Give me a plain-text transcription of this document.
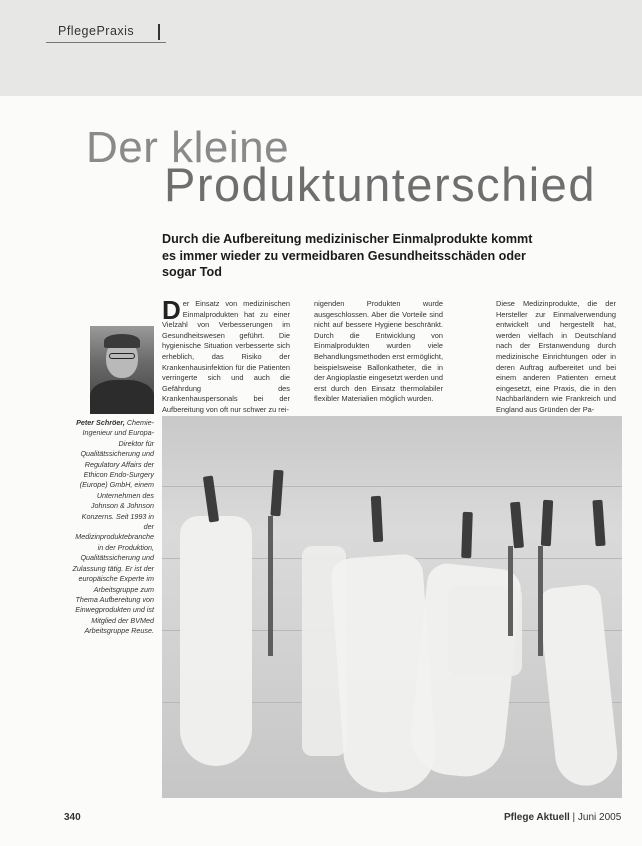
PflegePraxis
Der kleine
Produktunterschied
Durch die Aufbereitung medizinischer Einmalprodukte kommt es immer wieder zu vermeidbaren Gesundheitsschäden oder sogar Tod
Der Einsatz von medizinischen Einmalprodukten hat zu einer Vielzahl von Verbesserungen im Gesundheitswesen geführt. Die hygienische Situation verbesserte sich erheblich, das Risiko der Krankenhausinfektion für die Patienten verringerte sich und auch die Gefährdung des Krankenhauspersonals bei der Aufbereitung von oft nur schwer zu rei-
nigenden Produkten wurde ausgeschlossen. Aber die Vorteile sind nicht auf bessere Hygiene beschränkt. Durch die Entwicklung von Einmalprodukten wurden viele Behandlungsmethoden erst ermöglicht, beispielsweise Ballonkatheter, die in der Angioplastie eingesetzt werden und erst durch den Einsatz thermolabiler flexibler Materialien möglich wurden.
Diese Medizinprodukte, die der Hersteller zur Einmalverwendung entwickelt und hergestellt hat, werden vielfach in Deutschland nach der Erstanwendung durch medizinische Einrichtungen oder in deren Auftrag aufbereitet und bei einem anderen Patienten erneut eingesetzt, eine Praxis, die in den Nachbarländern wie Frankreich und England aus Gründen der Pa-
Peter Schröer, Chemie-Ingenieur und Europa-Direktor für Qualitätssicherung und Regulatory Affairs der Ethicon Endo-Surgery (Europe) GmbH, einem Unternehmen des Johnson & Johnson Konzerns. Seit 1993 in der Medizinproduktebranche in der Produktion, Qualitätssicherung und Zulassung tätig. Er ist der europäische Experte im Arbeitsgruppe zum Thema Aufbereitung von Einwegprodukten und ist Mitglied der BVMed Arbeitsgruppe Reuse.
340	Pflege Aktuell | Juni 2005
